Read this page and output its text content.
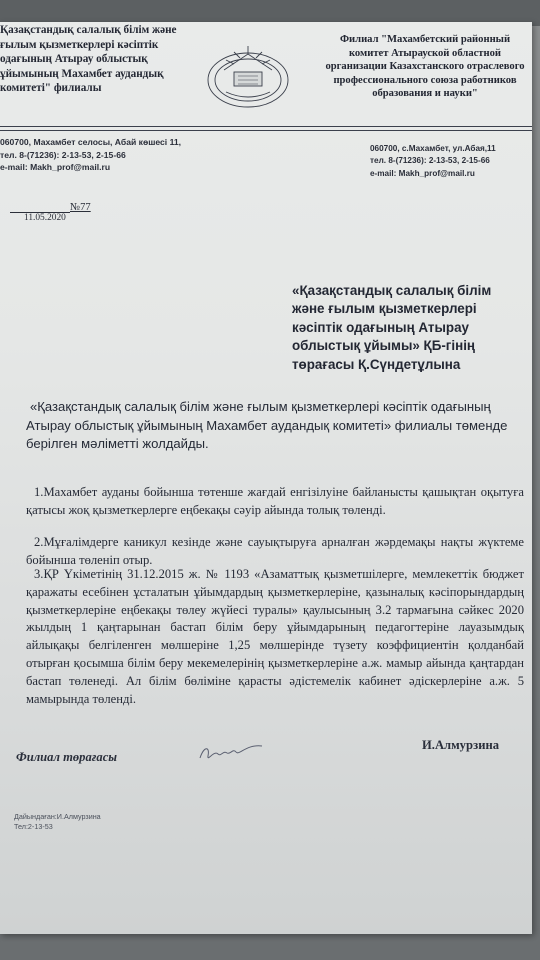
Қазақстандық салалық білім және
ғылым қызметкерлері кәсіптік
одағының Атырау облыстық
ұйымының Махамбет аудандық
комитеті" филиалы
Филиал "Махамбетский районный
комитет Атырауской областной
организации Казахстанского отраслевого
профессионального союза работников
образования и науки"
060700, Махамбет селосы, Абай көшесі 11,
тел. 8-(71236): 2-13-53, 2-15-66
e-mail: Makh_prof@mail.ru
060700, с.Махамбет, ул.Абая,11
тел. 8-(71236): 2-13-53, 2-15-66
e-mail: Makh_prof@mail.ru
№77
11.05.2020
«Қазақстандық салалық білім және ғылым қызметкерлері кәсіптік одағының Атырау облыстық ұйымы» ҚБ-гінің төрағасы Қ.Сүндетұлына
«Қазақстандық салалық білім және ғылым қызметкерлері кәсіптік одағының Атырау облыстық ұйымының Махамбет аудандық комитеті» филиалы төменде берілген мәліметті жолдайды.
1.Махамбет ауданы бойынша төтенше жағдай енгізілуіне байланысты қашықтан оқытуға қатысы жоқ қызметкерлерге еңбекақы сәуір айында толық төленді.
2.Мұғалімдерге каникул кезінде және сауықтыруға арналған жәрдемақы нақты жүктеме бойынша төленіп отыр.
3.ҚР Үкіметінің 31.12.2015 ж. № 1193 «Азаматтық қызметшілерге, мемлекеттік бюджет қаражаты есебінен ұсталатын ұйымдардың қызметкерлеріне, қазыналық кәсіпорындардың қызметкерлеріне еңбекақы төлеу жүйесі туралы» қаулысының 3.2 тармағына сәйкес 2020 жылдың 1 қаңтарынан бастап білім беру ұйымдарының педагогтеріне лауазымдық айлықақы белгіленген мөлшеріне 1,25 мөлшерінде түзету коэффициентін қолданбай отырған қосымша білім беру мекемелерінің қызметкерлеріне а.ж. мамыр айында қаңтардан бастап төленеді. Ал білім бөліміне қарасты әдістемелік кабинет әдіскерлеріне а.ж. 5 мамырында төленді.
Филиал төрағасы
И.Алмурзина
Дайындаған:И.Алмурзина
Тел:2-13-53
